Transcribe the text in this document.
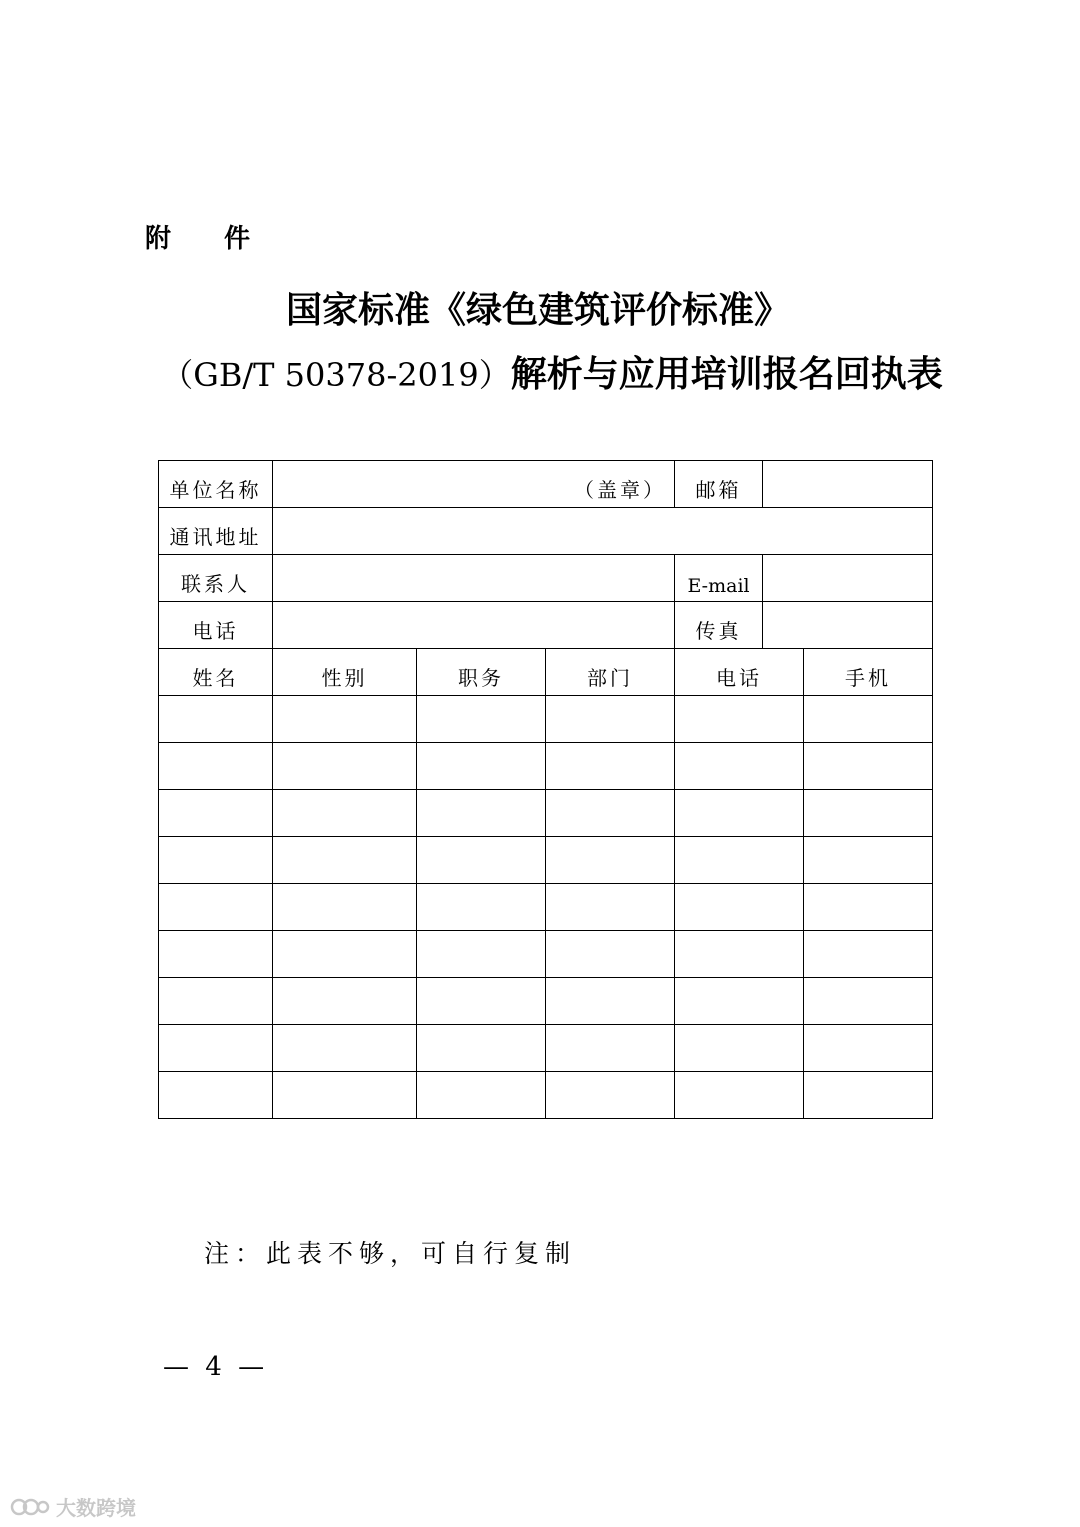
附 件
国家标准《绿色建筑评价标准》
（GB/T 50378-2019）解析与应用培训报名回执表
单位名称	（盖章）			邮箱		
通讯地址						
联系人				E-mail		
电话				传真		
姓名	性别	职务	部门	电话		手机

注：此表不够，可自行复制
— 4 —
大数跨境
